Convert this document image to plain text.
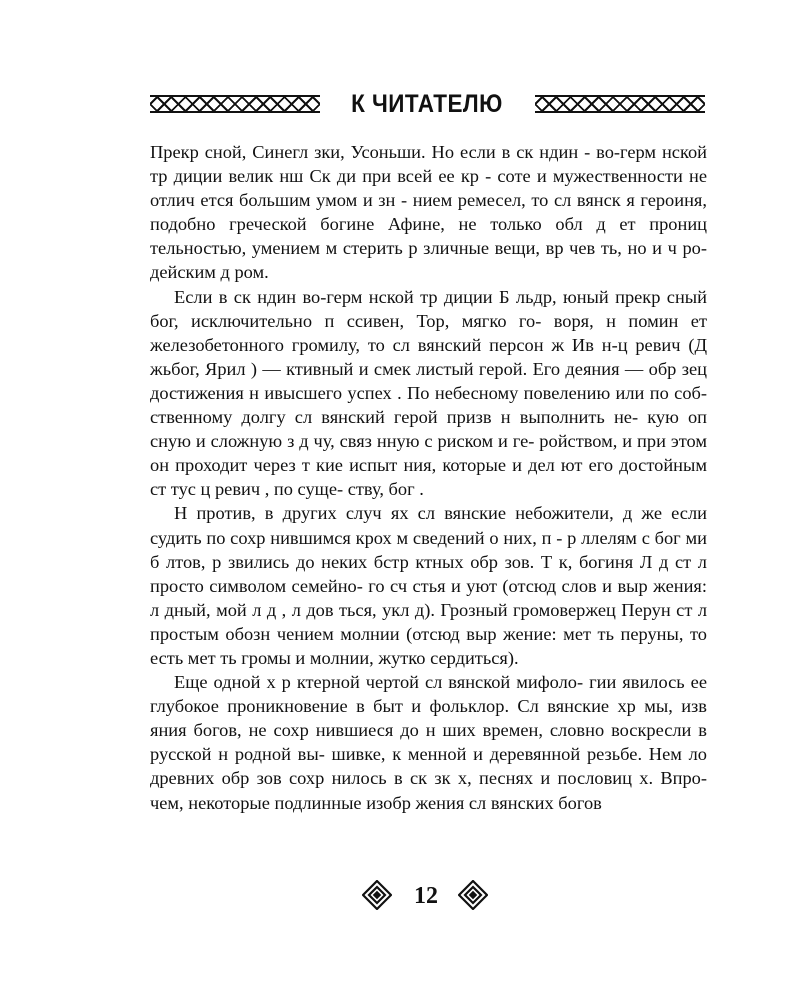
К ЧИТАТЕЛЮ

Прекр сной, Синегл зки, Усоньши. Но если в ск ндин - во-герм нской тр диции велик нш Ск ди при всей ее кр - соте и мужественности не отлич ется большим умом и зн - нием ремесел, то сл вянск я героиня, подобно греческой богине Афине, не только обл д ет прониц тельностью, умением м стерить р зличные вещи, вр чев ть, но и ч ро- дейским д ром.

Если в ск ндин во-герм нской тр диции Б льдр, юный прекр сный бог, исключительно п ссивен, Тор, мягко го- воря, н помин ет железобетонного громилу, то сл вянский персон ж Ив н-ц ревич (Д жьбог, Ярил ) — ктивный и смек листый герой. Его деяния — обр зец достижения н ивысшего успех . По небесному повелению или по соб- ственному долгу сл вянский герой призв н выполнить не- кую оп сную и сложную з д чу, связ нную с риском и ге- ройством, и при этом он проходит через т кие испыт ния, которые и дел ют его достойным ст тус ц ревич , по суще- ству, бог .

Н против, в других случ ях сл вянские небожители, д же если судить по сохр нившимся крох м сведений о них, п - р ллелям с бог ми б лтов, р звились до неких бстр ктных обр зов. Т к, богиня Л д ст л просто символом семейно- го сч стья и уют (отсюд слов и выр жения: л дный, мой л д , л дов ться, укл д). Грозный громовержец Перун ст л простым обозн чением молнии (отсюд выр жение: мет ть перуны, то есть мет ть громы и молнии, жутко сердиться).

Еще одной х р ктерной чертой сл вянской мифоло- гии явилось ее глубокое проникновение в быт и фольклор. Сл вянские хр мы, изв яния богов, не сохр нившиеся до н ших времен, словно воскресли в русской н родной вы- шивке, к менной и деревянной резьбе. Нем ло древних обр зов сохр нилось в ск зк х, песнях и пословиц х. Впро- чем, некоторые подлинные изобр жения сл вянских богов

12
